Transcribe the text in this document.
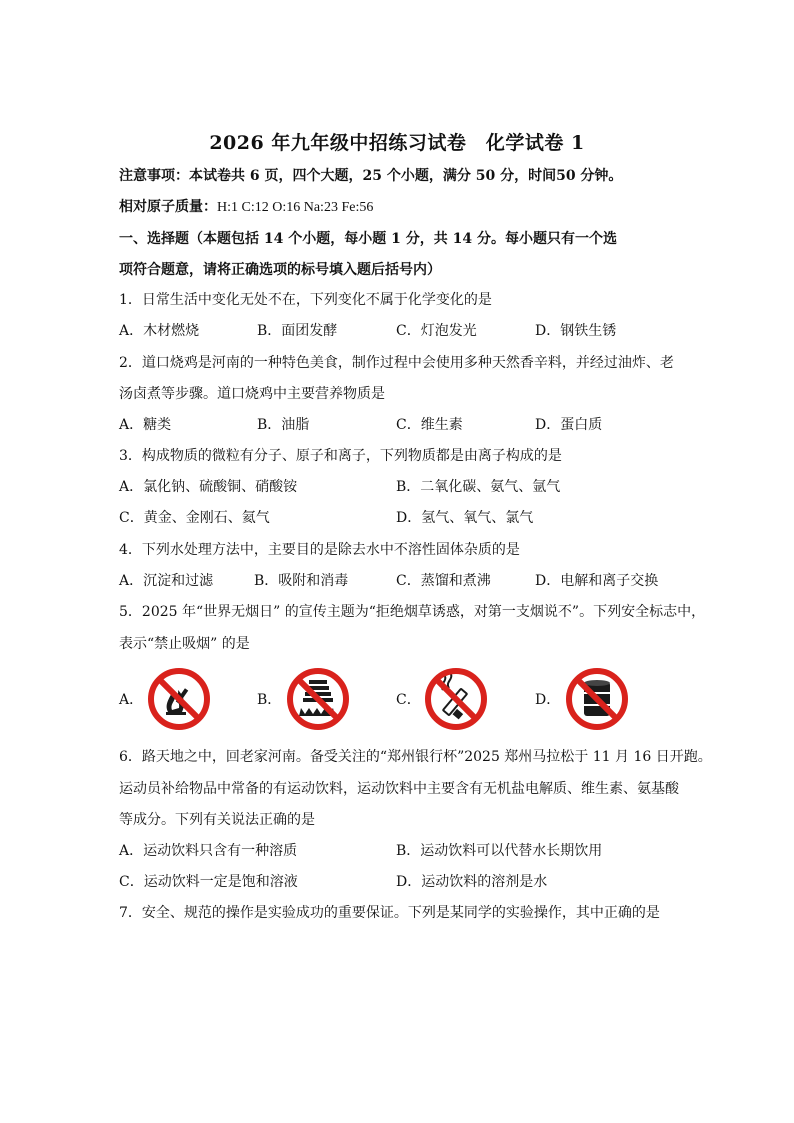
2026 年九年级中招练习试卷　化学试卷 1
注意事项：本试卷共 6 页，四个大题，25 个小题，满分 50 分，时间50 分钟。
相对原子质量：H:1 C:12 O:16 Na:23 Fe:56
一、选择题（本题包括 14 个小题，每小题 1 分，共 14 分。每小题只有一个选
项符合题意，请将正确选项的标号填入题后括号内）
1．日常生活中变化无处不在，下列变化不属于化学变化的是
A．木材燃烧	B．面团发酵	C．灯泡发光	D．钢铁生锈
2．道口烧鸡是河南的一种特色美食，制作过程中会使用多种天然香辛料，并经过油炸、老
汤卤煮等步骤。道口烧鸡中主要营养物质是
A．糖类	B．油脂	C．维生素	D．蛋白质
3．构成物质的微粒有分子、原子和离子，下列物质都是由离子构成的是
A．氯化钠、硫酸铜、硝酸铵	B．二氧化碳、氨气、氩气
C．黄金、金刚石、氦气	D．氢气、氧气、氯气
4．下列水处理方法中，主要目的是除去水中不溶性固体杂质的是
A．沉淀和过滤	B．吸附和消毒	C．蒸馏和煮沸	D．电解和离子交换
5．2025 年“世界无烟日” 的宣传主题为“拒绝烟草诱惑，对第一支烟说不”。下列安全标志中，
表示“禁止吸烟” 的是
A．	B．	C．	D．
6．路天地之中，回老家河南。备受关注的“郑州银行杯”2025 郑州马拉松于 11 月 16 日开跑。
运动员补给物品中常备的有运动饮料，运动饮料中主要含有无机盐电解质、维生素、氨基酸
等成分。下列有关说法正确的是
A．运动饮料只含有一种溶质	B．运动饮料可以代替水长期饮用
C．运动饮料一定是饱和溶液	D．运动饮料的溶剂是水
7．安全、规范的操作是实验成功的重要保证。下列是某同学的实验操作，其中正确的是
